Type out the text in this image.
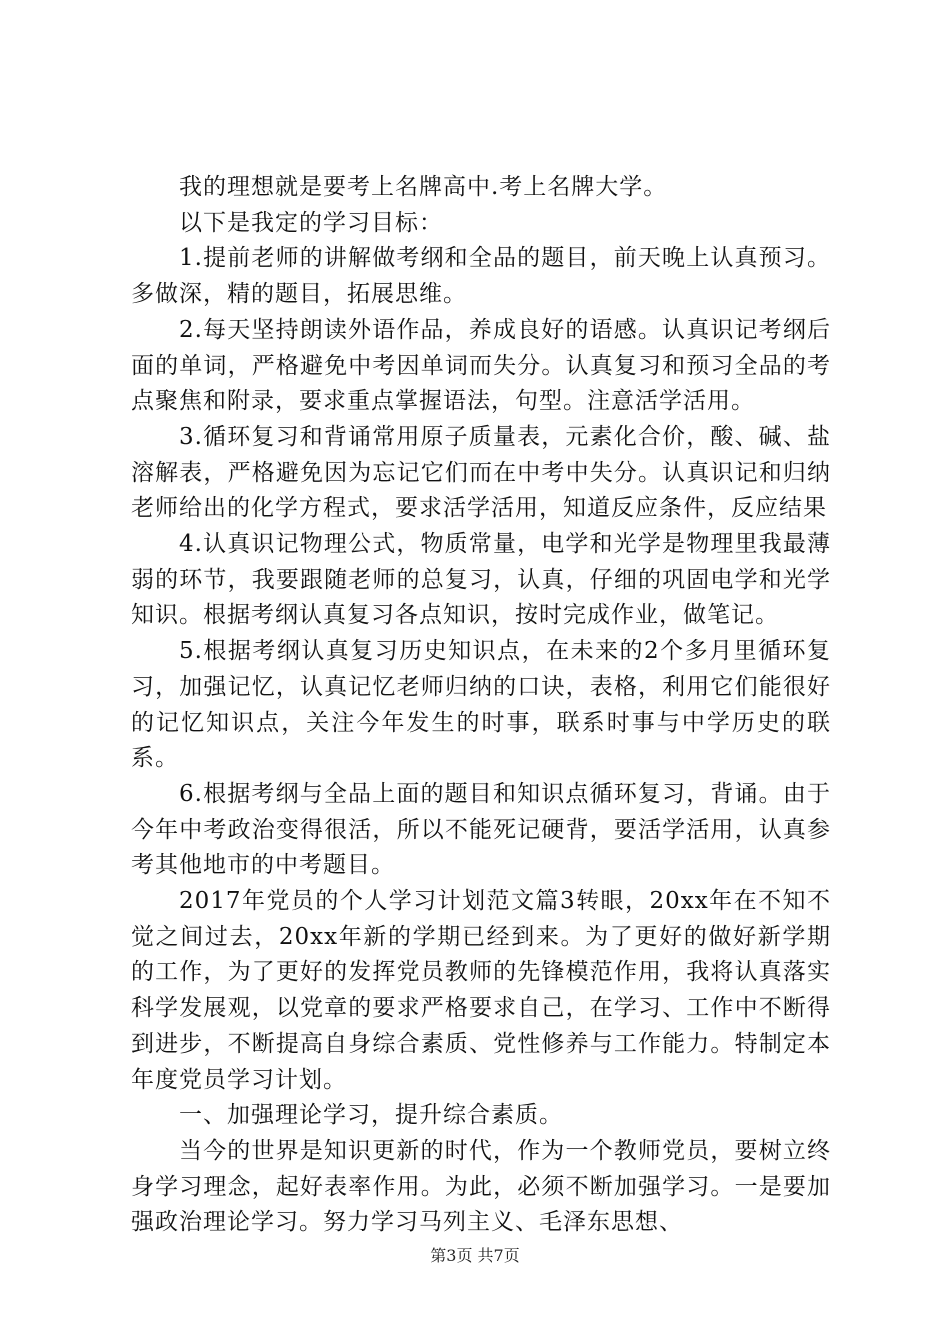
我的理想就是要考上名牌高中.考上名牌大学。

以下是我定的学习目标：

1.提前老师的讲解做考纲和全品的题目，前天晚上认真预习。多做深，精的题目，拓展思维。

2.每天坚持朗读外语作品，养成良好的语感。认真识记考纲后面的单词，严格避免中考因单词而失分。认真复习和预习全品的考点聚焦和附录，要求重点掌握语法，句型。注意活学活用。

3.循环复习和背诵常用原子质量表，元素化合价，酸、碱、盐溶解表，严格避免因为忘记它们而在中考中失分。认真识记和归纳老师给出的化学方程式，要求活学活用，知道反应条件，反应结果

4.认真识记物理公式，物质常量，电学和光学是物理里我最薄弱的环节，我要跟随老师的总复习，认真，仔细的巩固电学和光学知识。根据考纲认真复习各点知识，按时完成作业，做笔记。

5.根据考纲认真复习历史知识点，在未来的2个多月里循环复习，加强记忆，认真记忆老师归纳的口诀，表格，利用它们能很好的记忆知识点，关注今年发生的时事，联系时事与中学历史的联系。

6.根据考纲与全品上面的题目和知识点循环复习，背诵。由于今年中考政治变得很活，所以不能死记硬背，要活学活用，认真参考其他地市的中考题目。

2017年党员的个人学习计划范文篇3转眼，20xx年在不知不觉之间过去，20xx年新的学期已经到来。为了更好的做好新学期的工作，为了更好的发挥党员教师的先锋模范作用，我将认真落实科学发展观，以党章的要求严格要求自己，在学习、工作中不断得到进步，不断提高自身综合素质、党性修养与工作能力。特制定本年度党员学习计划。

一、加强理论学习，提升综合素质。

当今的世界是知识更新的时代，作为一个教师党员，要树立终身学习理念，起好表率作用。为此，必须不断加强学习。一是要加强政治理论学习。努力学习马列主义、毛泽东思想、

第3页 共7页
